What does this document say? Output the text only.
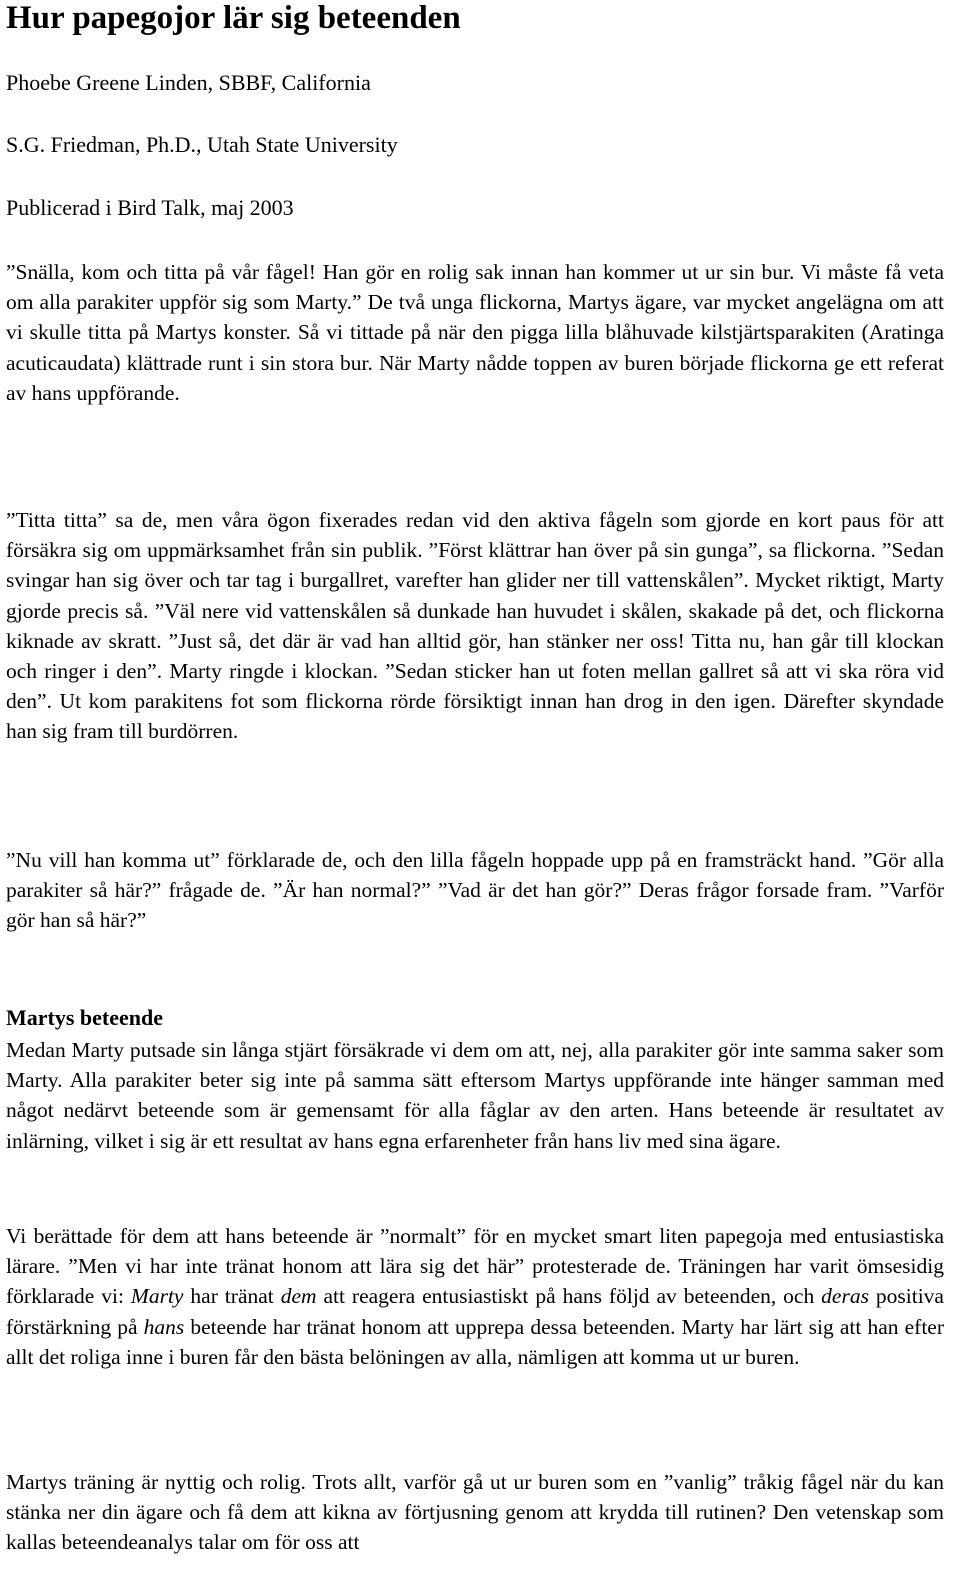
Hur papegojor lär sig beteenden
Phoebe Greene Linden, SBBF, California
S.G. Friedman, Ph.D., Utah State University
Publicerad i Bird Talk, maj 2003

”Snälla, kom och titta på vår fågel! Han gör en rolig sak innan han kommer ut ur sin bur. Vi måste få veta om alla parakiter uppför sig som Marty.” De två unga flickorna, Martys ägare, var mycket angelägna om att vi skulle titta på Martys konster. Så vi tittade på när den pigga lilla blåhuvade kilstjärtsparakiten (Aratinga acuticaudata) klättrade runt i sin stora bur. När Marty nådde toppen av buren började flickorna ge ett referat av hans uppförande.

”Titta titta” sa de, men våra ögon fixerades redan vid den aktiva fågeln som gjorde en kort paus för att försäkra sig om uppmärksamhet från sin publik. ”Först klättrar han över på sin gunga”, sa flickorna. ”Sedan svingar han sig över och tar tag i burgallret, varefter han glider ner till vattenskålen”. Mycket riktigt, Marty gjorde precis så. ”Väl nere vid vattenskålen så dunkade han huvudet i skålen, skakade på det, och flickorna kiknade av skratt. ”Just så, det där är vad han alltid gör, han stänker ner oss! Titta nu, han går till klockan och ringer i den”. Marty ringde i klockan. ”Sedan sticker han ut foten mellan gallret så att vi ska röra vid den”. Ut kom parakitens fot som flickorna rörde försiktigt innan han drog in den igen. Därefter skyndade han sig fram till burdörren.

”Nu vill han komma ut” förklarade de, och den lilla fågeln hoppade upp på en framsträckt hand. ”Gör alla parakiter så här?” frågade de. ”Är han normal?” ”Vad är det han gör?” Deras frågor forsade fram. ”Varför gör han så här?”

Martys beteende

Medan Marty putsade sin långa stjärt försäkrade vi dem om att, nej, alla parakiter gör inte samma saker som Marty. Alla parakiter beter sig inte på samma sätt eftersom Martys uppförande inte hänger samman med något nedärvt beteende som är gemensamt för alla fåglar av den arten. Hans beteende är resultatet av inlärning, vilket i sig är ett resultat av hans egna erfarenheter från hans liv med sina ägare.

Vi berättade för dem att hans beteende är ”normalt” för en mycket smart liten papegoja med entusiastiska lärare. ”Men vi har inte tränat honom att lära sig det här” protesterade de. Träningen har varit ömsesidig förklarade vi: Marty har tränat dem att reagera entusiastiskt på hans följd av beteenden, och deras positiva förstärkning på hans beteende har tränat honom att upprepa dessa beteenden. Marty har lärt sig att han efter allt det roliga inne i buren får den bästa belöningen av alla, nämligen att komma ut ur buren.

Martys träning är nyttig och rolig. Trots allt, varför gå ut ur buren som en ”vanlig” tråkig fågel när du kan stänka ner din ägare och få dem att kikna av förtjusning genom att krydda till rutinen? Den vetenskap som kallas beteendeanalys talar om för oss att
